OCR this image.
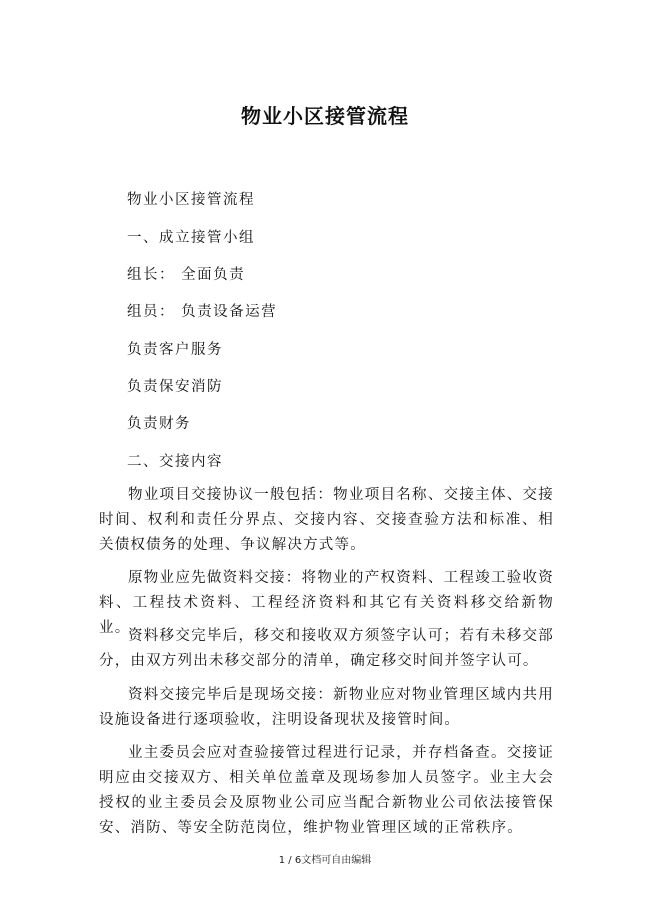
物业小区接管流程
物业小区接管流程
一、成立接管小组
组长： 全面负责
组员： 负责设备运营
负责客户服务
负责保安消防
负责财务
二、交接内容
物业项目交接协议一般包括：物业项目名称、交接主体、交接时间、权利和责任分界点、交接内容、交接查验方法和标准、相关债权债务的处理、争议解决方式等。
原物业应先做资料交接：将物业的产权资料、工程竣工验收资料、工程技术资料、工程经济资料和其它有关资料移交给新物业。
资料移交完毕后，移交和接收双方须签字认可；若有未移交部分，由双方列出未移交部分的清单，确定移交时间并签字认可。
资料交接完毕后是现场交接：新物业应对物业管理区域内共用设施设备进行逐项验收，注明设备现状及接管时间。
业主委员会应对查验接管过程进行记录，并存档备查。交接证明应由交接双方、相关单位盖章及现场参加人员签字。业主大会授权的业主委员会及原物业公司应当配合新物业公司依法接管保安、消防、等安全防范岗位，维护物业管理区域的正常秩序。
1 / 6文档可自由编辑
